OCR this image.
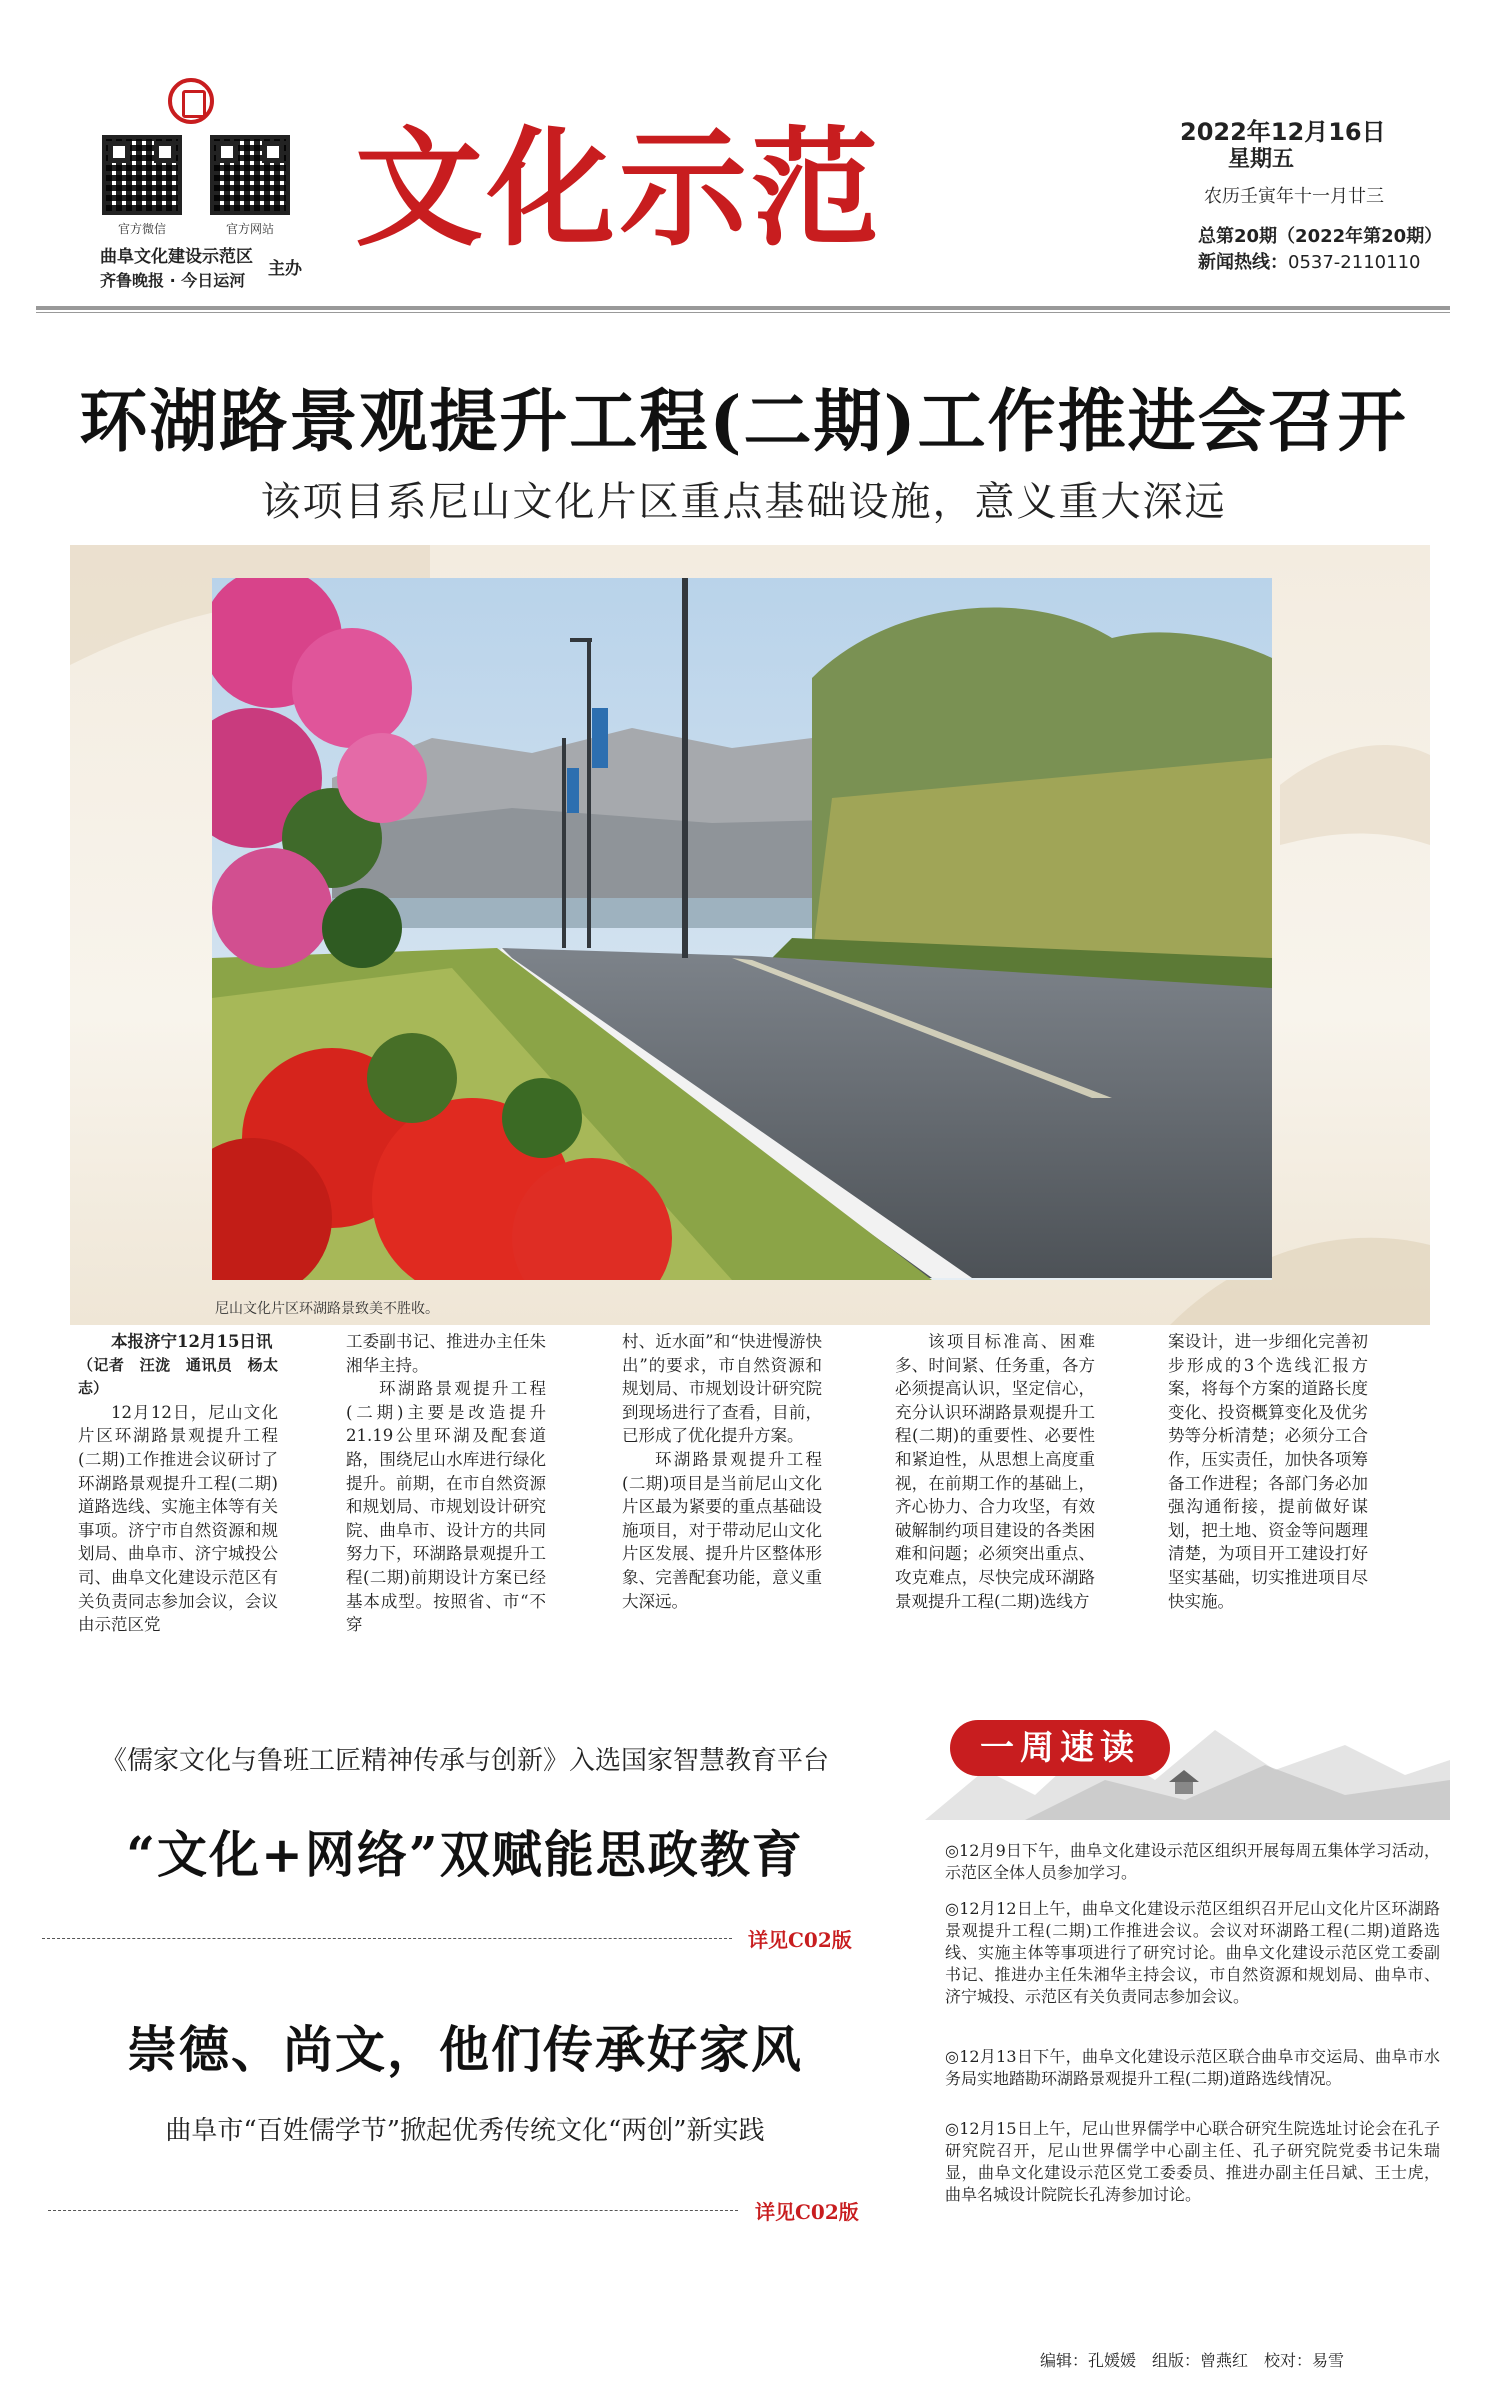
官方微信	官方网站
曲阜文化建设示范区
齐鲁晚报 · 今日运河
主办
文化示范	2022年12月16日
星期五
农历壬寅年十一月廿三
总第20期（2022年第20期）
新闻热线：0537-2110110
环湖路景观提升工程(二期)工作推进会召开
该项目系尼山文化片区重点基础设施，意义重大深远
尼山文化片区环湖路景致美不胜收。

本报济宁12月15日讯

（记者　汪泷　通讯员　杨太志）

12月12日，尼山文化片区环湖路景观提升工程(二期)工作推进会议研讨了环湖路景观提升工程(二期)道路选线、实施主体等有关事项。济宁市自然资源和规划局、曲阜市、济宁城投公司、曲阜文化建设示范区有关负责同志参加会议，会议由示范区党

工委副书记、推进办主任朱湘华主持。

环湖路景观提升工程(二期)主要是改造提升21.19公里环湖及配套道路，围绕尼山水库进行绿化提升。前期，在市自然资源和规划局、市规划设计研究院、曲阜市、设计方的共同努力下，环湖路景观提升工程(二期)前期设计方案已经基本成型。按照省、市“不穿

村、近水面”和“快进慢游快出”的要求，市自然资源和规划局、市规划设计研究院到现场进行了查看，目前，已形成了优化提升方案。

环湖路景观提升工程(二期)项目是当前尼山文化片区最为紧要的重点基础设施项目，对于带动尼山文化片区发展、提升片区整体形象、完善配套功能，意义重大深远。

该项目标准高、困难多、时间紧、任务重，各方必须提高认识，坚定信心，充分认识环湖路景观提升工程(二期)的重要性、必要性和紧迫性，从思想上高度重视，在前期工作的基础上，齐心协力、合力攻坚，有效破解制约项目建设的各类困难和问题；必须突出重点、攻克难点，尽快完成环湖路景观提升工程(二期)选线方

案设计，进一步细化完善初步形成的3个选线汇报方案，将每个方案的道路长度变化、投资概算变化及优劣势等分析清楚；必须分工合作，压实责任，加快各项筹备工作进程；各部门务必加强沟通衔接，提前做好谋划，把土地、资金等问题理清楚，为项目开工建设打好坚实基础，切实推进项目尽快实施。

《儒家文化与鲁班工匠精神传承与创新》入选国家智慧教育平台
“文化+网络”双赋能思政教育
详见C02版
崇德、尚文，他们传承好家风
曲阜市“百姓儒学节”掀起优秀传统文化“两创”新实践
详见C02版
一周速读
◎12月9日下午，曲阜文化建设示范区组织开展每周五集体学习活动，示范区全体人员参加学习。
◎12月12日上午，曲阜文化建设示范区组织召开尼山文化片区环湖路景观提升工程(二期)工作推进会议。会议对环湖路工程(二期)道路选线、实施主体等事项进行了研究讨论。曲阜文化建设示范区党工委副书记、推进办主任朱湘华主持会议，市自然资源和规划局、曲阜市、济宁城投、示范区有关负责同志参加会议。
◎12月13日下午，曲阜文化建设示范区联合曲阜市交运局、曲阜市水务局实地踏勘环湖路景观提升工程(二期)道路选线情况。
◎12月15日上午，尼山世界儒学中心联合研究生院选址讨论会在孔子研究院召开，尼山世界儒学中心副主任、孔子研究院党委书记朱瑞显，曲阜文化建设示范区党工委委员、推进办副主任吕斌、王士虎，曲阜名城设计院院长孔涛参加讨论。
编辑：孔媛媛　组版：曾燕红　校对：易雪
